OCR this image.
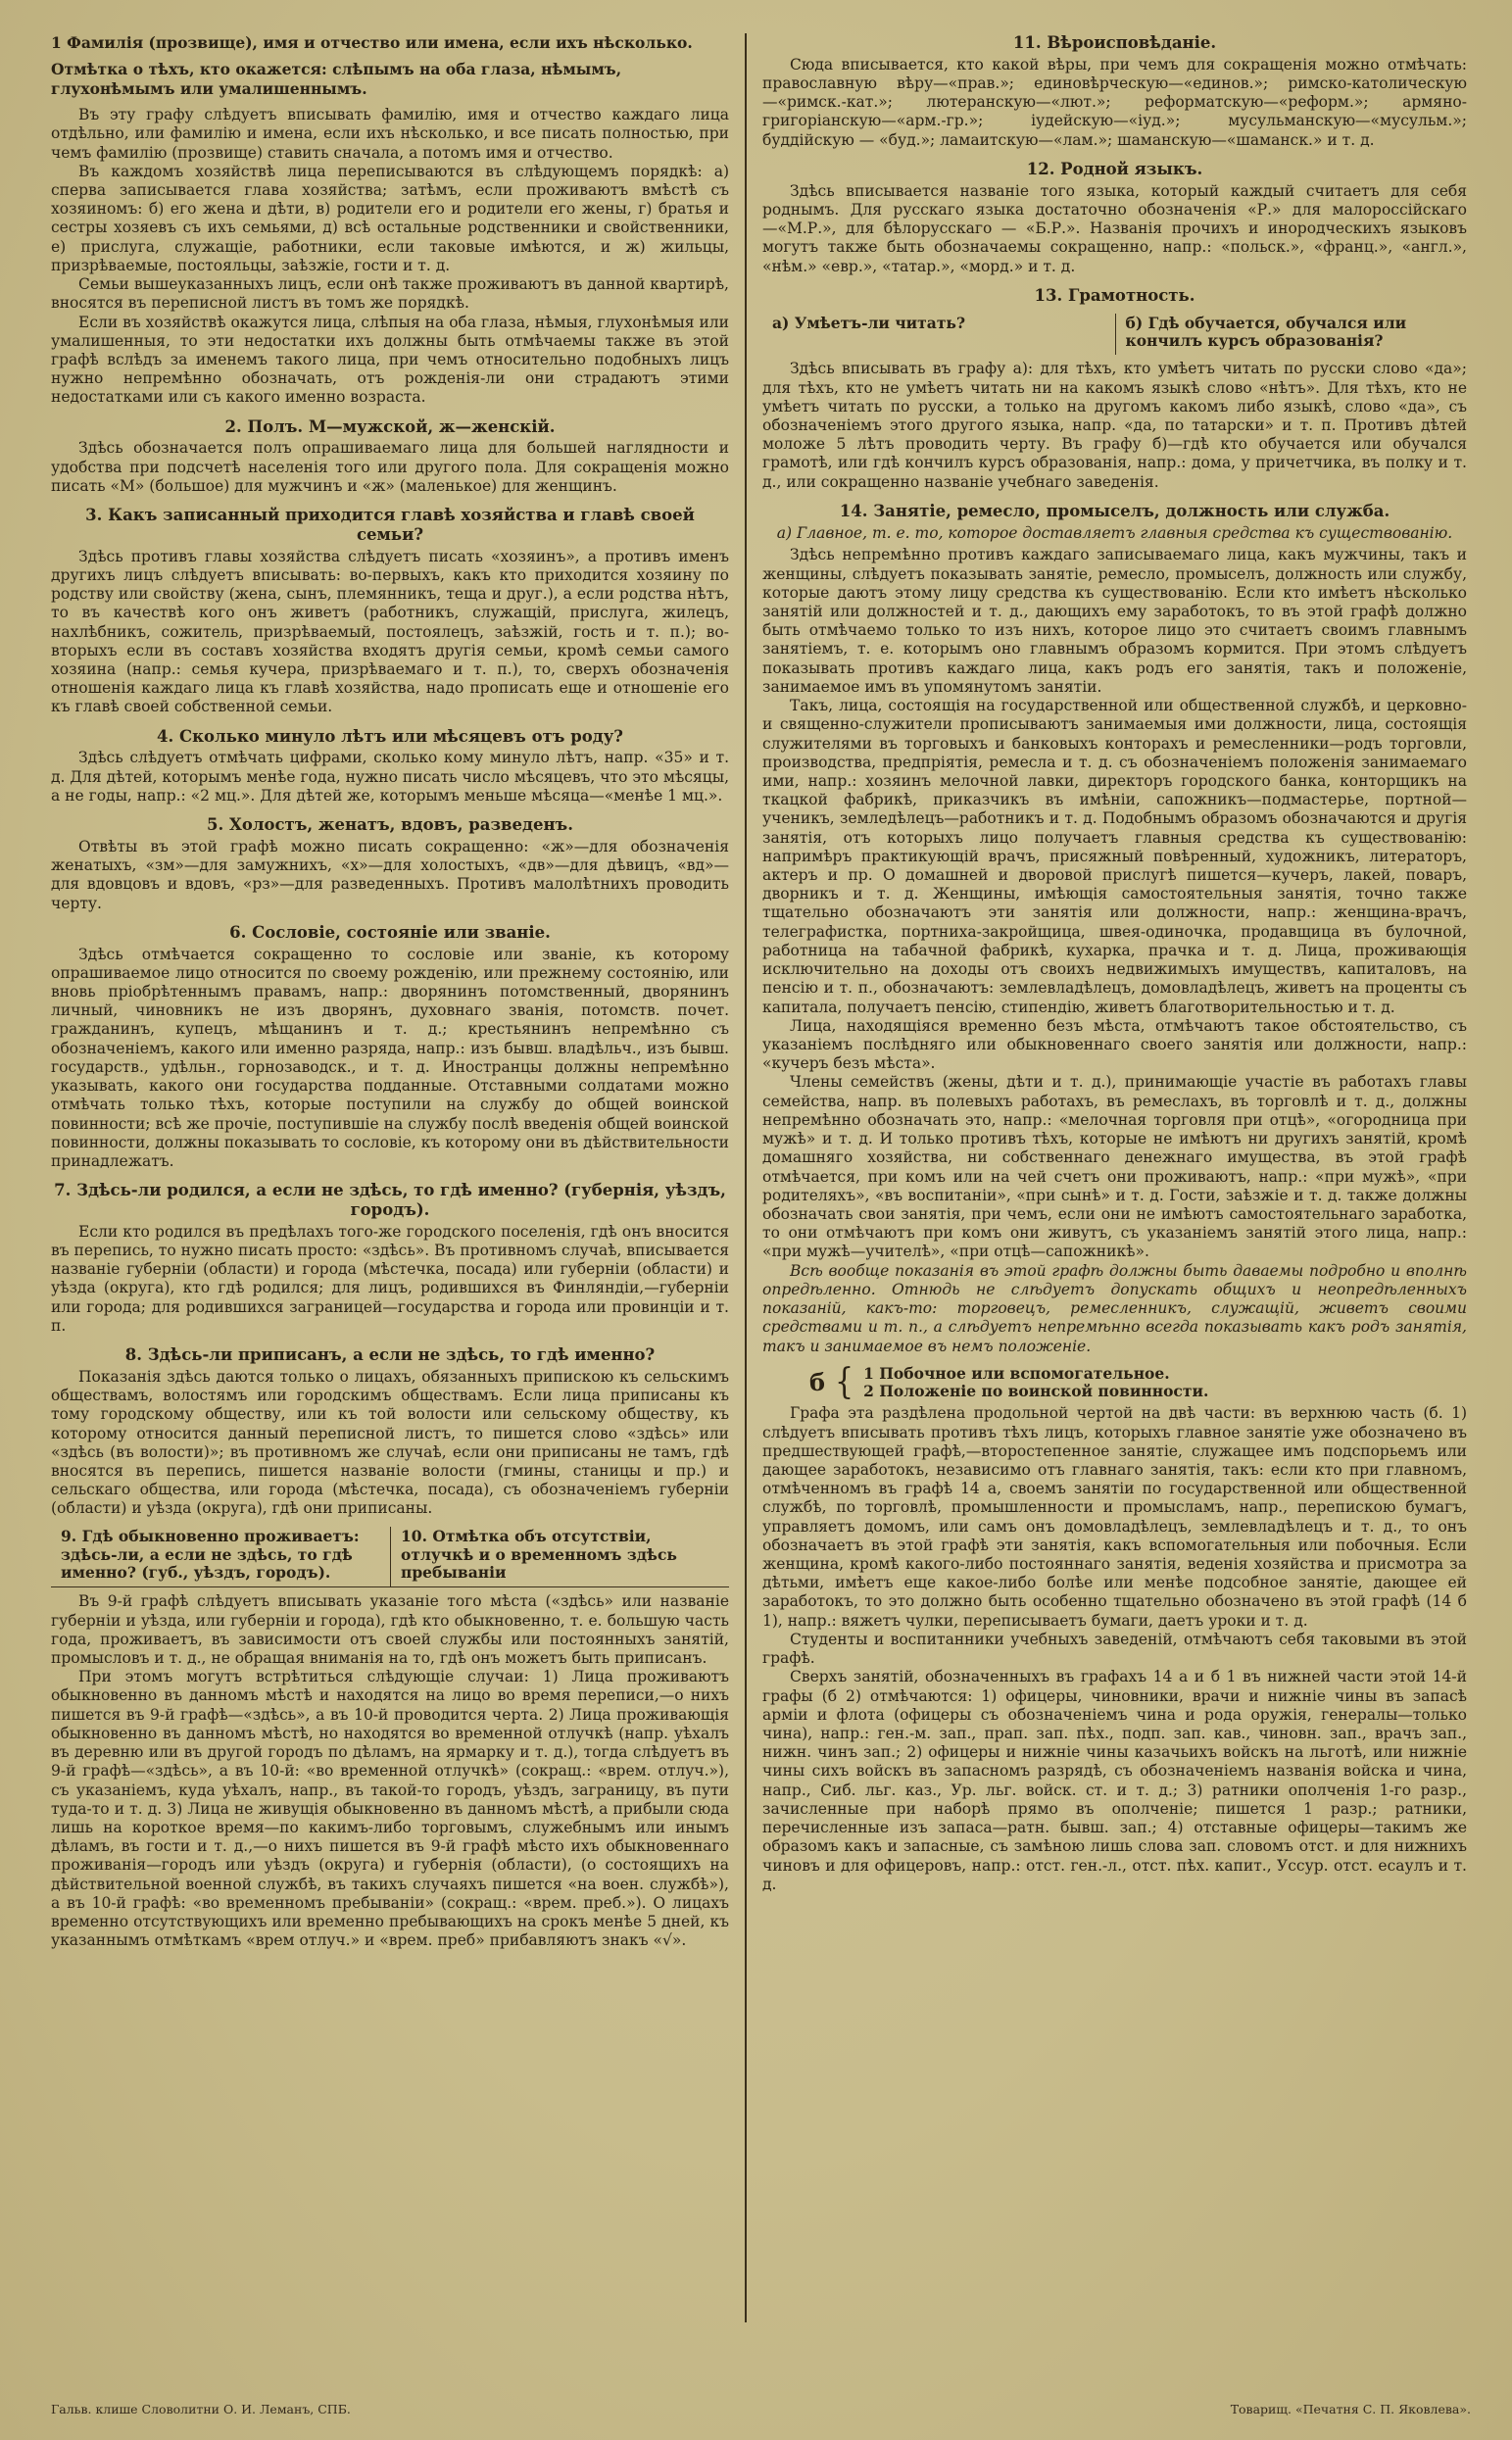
1 Фамилія (прозвище), имя и отчество или имена, если ихъ нѣсколько.
Отмѣтка о тѣхъ, кто окажется: слѣпымъ на оба глаза, нѣмымъ, глухонѣмымъ или умалишеннымъ.

Въ эту графу слѣдуетъ вписывать фамилію, имя и отчество каждаго лица отдѣльно, или фамилію и имена, если ихъ нѣсколько, и все писать полностью, при чемъ фамилію (прозвище) ставить сначала, а потомъ имя и отчество.

Въ каждомъ хозяйствѣ лица переписываются въ слѣдующемъ порядкѣ: а) сперва записывается глава хозяйства; затѣмъ, если проживаютъ вмѣстѣ съ хозяиномъ: б) его жена и дѣти, в) родители его и родители его жены, г) братья и сестры хозяевъ съ ихъ семьями, д) всѣ остальные родственники и свойственники, е) прислуга, служащіе, работники, если таковые имѣются, и ж) жильцы, призрѣваемые, постояльцы, заѣзжіе, гости и т. д.

Семьи вышеуказанныхъ лицъ, если онѣ также проживаютъ въ данной квартирѣ, вносятся въ переписной листъ въ томъ же порядкѣ.

Если въ хозяйствѣ окажутся лица, слѣпыя на оба глаза, нѣмыя, глухонѣмыя или умалишенныя, то эти недостатки ихъ должны быть отмѣчаемы также въ этой графѣ вслѣдъ за именемъ такого лица, при чемъ относительно подобныхъ лицъ нужно непремѣнно обозначать, отъ рожденія-ли они страдаютъ этими недостатками или съ какого именно возраста.

2. Полъ. М—мужской, ж—женскій.

Здѣсь обозначается полъ опрашиваемаго лица для большей наглядности и удобства при подсчетѣ населенія того или другого пола. Для сокращенія можно писать «М» (большое) для мужчинъ и «ж» (маленькое) для женщинъ.

3. Какъ записанный приходится главѣ хозяйства и главѣ своей семьи?

Здѣсь противъ главы хозяйства слѣдуетъ писать «хозяинъ», а противъ именъ другихъ лицъ слѣдуетъ вписывать: во-первыхъ, какъ кто приходится хозяину по родству или свойству (жена, сынъ, племянникъ, теща и друг.), а если родства нѣтъ, то въ качествѣ кого онъ живетъ (работникъ, служащій, прислуга, жилецъ, нахлѣбникъ, сожитель, призрѣваемый, постоялецъ, заѣзжій, гость и т. п.); во-вторыхъ если въ составъ хозяйства входятъ другія семьи, кромѣ семьи самого хозяина (напр.: семья кучера, призрѣваемаго и т. п.), то, сверхъ обозначенія отношенія каждаго лица къ главѣ хозяйства, надо прописать еще и отношеніе его къ главѣ своей собственной семьи.

4. Сколько минуло лѣтъ или мѣсяцевъ отъ роду?

Здѣсь слѣдуетъ отмѣчать цифрами, сколько кому минуло лѣтъ, напр. «35» и т. д. Для дѣтей, которымъ менѣе года, нужно писать число мѣсяцевъ, что это мѣсяцы, а не годы, напр.: «2 мц.». Для дѣтей же, которымъ меньше мѣсяца—«менѣе 1 мц.».

5. Холостъ, женатъ, вдовъ, разведенъ.

Отвѣты въ этой графѣ можно писать сокращенно: «ж»—для обозначенія женатыхъ, «зм»—для замужнихъ, «х»—для холостыхъ, «дв»—для дѣвицъ, «вд»—для вдовцовъ и вдовъ, «рз»—для разведенныхъ. Противъ малолѣтнихъ проводить черту.

6. Сословіе, состояніе или званіе.

Здѣсь отмѣчается сокращенно то сословіе или званіе, къ которому опрашиваемое лицо относится по своему рожденію, или прежнему состоянію, или вновь пріобрѣтеннымъ правамъ, напр.: дворянинъ потомственный, дворянинъ личный, чиновникъ не изъ дворянъ, духовнаго званія, потомств. почет. гражданинъ, купецъ, мѣщанинъ и т. д.; крестьянинъ непремѣнно съ обозначеніемъ, какого или именно разряда, напр.: изъ бывш. владѣльч., изъ бывш. государств., удѣльн., горнозаводск., и т. д. Иностранцы должны непремѣнно указывать, какого они государства подданные. Отставными солдатами можно отмѣчать только тѣхъ, которые поступили на службу до общей воинской повинности; всѣ же прочіе, поступившіе на службу послѣ введенія общей воинской повинности, должны показывать то сословіе, къ которому они въ дѣйствительности принадлежатъ.

7. Здѣсь-ли родился, а если не здѣсь, то гдѣ именно? (губернія, уѣздъ, городъ).

Если кто родился въ предѣлахъ того-же городского поселенія, гдѣ онъ вносится въ перепись, то нужно писать просто: «здѣсь». Въ противномъ случаѣ, вписывается названіе губерніи (области) и города (мѣстечка, посада) или губерніи (области) и уѣзда (округа), кто гдѣ родился; для лицъ, родившихся въ Финляндіи,—губерніи или города; для родившихся заграницей—государства и города или провинціи и т. п.

8. Здѣсь-ли приписанъ, а если не здѣсь, то гдѣ именно?

Показанія здѣсь даются только о лицахъ, обязанныхъ припискою къ сельскимъ обществамъ, волостямъ или городскимъ обществамъ. Если лица приписаны къ тому городскому обществу, или къ той волости или сельскому обществу, къ которому относится данный переписной листъ, то пишется слово «здѣсь» или «здѣсь (въ волости)»; въ противномъ же случаѣ, если они приписаны не тамъ, гдѣ вносятся въ перепись, пишется названіе волости (гмины, станицы и пр.) и сельскаго общества, или города (мѣстечка, посада), съ обозначеніемъ губерніи (области) и уѣзда (округа), гдѣ они приписаны.

9. Гдѣ обыкновенно проживаетъ: здѣсь-ли, а если не здѣсь, то гдѣ именно? (губ., уѣздъ, городъ).
10. Отмѣтка объ отсутствіи, отлучкѣ и о временномъ здѣсь пребываніи

Въ 9-й графѣ слѣдуетъ вписывать указаніе того мѣста («здѣсь» или названіе губерніи и уѣзда, или губерніи и города), гдѣ кто обыкновенно, т. е. большую часть года, проживаетъ, въ зависимости отъ своей службы или постоянныхъ занятій, промысловъ и т. д., не обращая вниманія на то, гдѣ онъ можетъ быть приписанъ.

При этомъ могутъ встрѣтиться слѣдующіе случаи: 1) Лица проживаютъ обыкновенно въ данномъ мѣстѣ и находятся на лицо во время переписи,—о нихъ пишется въ 9-й графѣ—«здѣсь», а въ 10-й проводится черта. 2) Лица проживающія обыкновенно въ данномъ мѣстѣ, но находятся во временной отлучкѣ (напр. уѣхалъ въ деревню или въ другой городъ по дѣламъ, на ярмарку и т. д.), тогда слѣдуетъ въ 9-й графѣ—«здѣсь», а въ 10-й: «во временной отлучкѣ» (сокращ.: «врем. отлуч.»), съ указаніемъ, куда уѣхалъ, напр., въ такой-то городъ, уѣздъ, заграницу, въ пути туда-то и т. д. 3) Лица не живущія обыкновенно въ данномъ мѣстѣ, а прибыли сюда лишь на короткое время—по какимъ-либо торговымъ, служебнымъ или инымъ дѣламъ, въ гости и т. д.,—о нихъ пишется въ 9-й графѣ мѣсто ихъ обыкновеннаго проживанія—городъ или уѣздъ (округа) и губернія (области), (о состоящихъ на дѣйствительной военной службѣ, въ такихъ случаяхъ пишется «на воен. службѣ»), а въ 10-й графѣ: «во временномъ пребываніи» (сокращ.: «врем. преб.»). О лицахъ временно отсутствующихъ или временно пребывающихъ на срокъ менѣе 5 дней, къ указаннымъ отмѣткамъ «врем отлуч.» и «врем. преб» прибавляютъ знакъ «√».

11. Вѣроисповѣданіе.

Сюда вписывается, кто какой вѣры, при чемъ для сокращенія можно отмѣчать: православную вѣру—«прав.»; единовѣрческую—«единов.»; римско-католическую—«римск.-кат.»; лютеранскую—«лют.»; реформатскую—«реформ.»; армяно-григоріанскую—«арм.-гр.»; іудейскую—«іуд.»; мусульманскую—«мусульм.»; буддійскую — «буд.»; ламаитскую—«лам.»; шаманскую—«шаманск.» и т. д.

12. Родной языкъ.

Здѣсь вписывается названіе того языка, который каждый считаетъ для себя роднымъ. Для русскаго языка достаточно обозначенія «Р.» для малороссійскаго—«М.Р.», для бѣлорусскаго — «Б.Р.». Названія прочихъ и инородческихъ языковъ могутъ также быть обозначаемы сокращенно, напр.: «польск.», «франц.», «англ.», «нѣм.» «евр.», «татар.», «морд.» и т. д.

13. Грамотность.
а) Умѣетъ-ли читать?	б) Гдѣ обучается, обучался или кончилъ курсъ образованія?

Здѣсь вписывать въ графу а): для тѣхъ, кто умѣетъ читать по русски слово «да»; для тѣхъ, кто не умѣетъ читать ни на какомъ языкѣ слово «нѣтъ». Для тѣхъ, кто не умѣетъ читать по русски, а только на другомъ какомъ либо языкѣ, слово «да», съ обозначеніемъ этого другого языка, напр. «да, по татарски» и т. п. Противъ дѣтей моложе 5 лѣтъ проводить черту. Въ графу б)—гдѣ кто обучается или обучался грамотѣ, или гдѣ кончилъ курсъ образованія, напр.: дома, у причетчика, въ полку и т. д., или сокращенно названіе учебнаго заведенія.

14. Занятіе, ремесло, промыселъ, должность или служба.
а) Главное, т. е. то, которое доставляетъ главныя средства къ существованію.

Здѣсь непремѣнно противъ каждаго записываемаго лица, какъ мужчины, такъ и женщины, слѣдуетъ показывать занятіе, ремесло, промыселъ, должность или службу, которые даютъ этому лицу средства къ существованію. Если кто имѣетъ нѣсколько занятій или должностей и т. д., дающихъ ему заработокъ, то въ этой графѣ должно быть отмѣчаемо только то изъ нихъ, которое лицо это считаетъ своимъ главнымъ занятіемъ, т. е. которымъ оно главнымъ образомъ кормится. При этомъ слѣдуетъ показывать противъ каждаго лица, какъ родъ его занятія, такъ и положеніе, занимаемое имъ въ упомянутомъ занятіи.

Такъ, лица, состоящія на государственной или общественной службѣ, и церковно- и священно-служители прописываютъ занимаемыя ими должности, лица, состоящія служителями въ торговыхъ и банковыхъ конторахъ и ремесленники—родъ торговли, производства, предпріятія, ремесла и т. д. съ обозначеніемъ положенія занимаемаго ими, напр.: хозяинъ мелочной лавки, директоръ городского банка, конторщикъ на ткацкой фабрикѣ, приказчикъ въ имѣніи, сапожникъ—подмастерье, портной—ученикъ, земледѣлецъ—работникъ и т. д. Подобнымъ образомъ обозначаются и другія занятія, отъ которыхъ лицо получаетъ главныя средства къ существованію: напримѣръ практикующій врачъ, присяжный повѣренный, художникъ, литераторъ, актеръ и пр. О домашней и дворовой прислугѣ пишется—кучеръ, лакей, поваръ, дворникъ и т. д. Женщины, имѣющія самостоятельныя занятія, точно также тщательно обозначаютъ эти занятія или должности, напр.: женщина-врачъ, телеграфистка, портниха-закройщица, швея-одиночка, продавщица въ булочной, работница на табачной фабрикѣ, кухарка, прачка и т. д. Лица, проживающія исключительно на доходы отъ своихъ недвижимыхъ имуществъ, капиталовъ, на пенсію и т. п., обозначаютъ: землевладѣлецъ, домовладѣлецъ, живетъ на проценты съ капитала, получаетъ пенсію, стипендію, живетъ благотворительностью и т. д.

Лица, находящіяся временно безъ мѣста, отмѣчаютъ такое обстоятельство, съ указаніемъ послѣдняго или обыкновеннаго своего занятія или должности, напр.: «кучеръ безъ мѣста».

Члены семействъ (жены, дѣти и т. д.), принимающіе участіе въ работахъ главы семейства, напр. въ полевыхъ работахъ, въ ремеслахъ, въ торговлѣ и т. д., должны непремѣнно обозначать это, напр.: «мелочная торговля при отцѣ», «огородница при мужѣ» и т. д. И только противъ тѣхъ, которые не имѣютъ ни другихъ занятій, кромѣ домашняго хозяйства, ни собственнаго денежнаго имущества, въ этой графѣ отмѣчается, при комъ или на чей счетъ они проживаютъ, напр.: «при мужѣ», «при родителяхъ», «въ воспитаніи», «при сынѣ» и т. д. Гости, заѣзжіе и т. д. также должны обозначать свои занятія, при чемъ, если они не имѣютъ самостоятельнаго заработка, то они отмѣчаютъ при комъ они живутъ, съ указаніемъ занятій этого лица, напр.: «при мужѣ—учителѣ», «при отцѣ—сапожникѣ».

Всѣ вообще показанія въ этой графѣ должны быть даваемы подробно и вполнѣ опредѣленно. Отнюдь не слѣдуетъ допускать общихъ и неопредѣленныхъ показаній, какъ-то: торговецъ, ремесленникъ, служащій, живетъ своими средствами и т. п., а слѣдуетъ непремѣнно всегда показывать какъ родъ занятія, такъ и занимаемое въ немъ положеніе.

б { 1 Побочное или вспомогательное.
2 Положеніе по воинской повинности.

Графа эта раздѣлена продольной чертой на двѣ части: въ верхнюю часть (б. 1) слѣдуетъ вписывать противъ тѣхъ лицъ, которыхъ главное занятіе уже обозначено въ предшествующей графѣ,—второстепенное занятіе, служащее имъ подспорьемъ или дающее заработокъ, независимо отъ главнаго занятія, такъ: если кто при главномъ, отмѣченномъ въ графѣ 14 а, своемъ занятіи по государственной или общественной службѣ, по торговлѣ, промышленности и промысламъ, напр., перепискою бумагъ, управляетъ домомъ, или самъ онъ домовладѣлецъ, землевладѣлецъ и т. д., то онъ обозначаетъ въ этой графѣ эти занятія, какъ вспомогательныя или побочныя. Если женщина, кромѣ какого-либо постояннаго занятія, веденія хозяйства и присмотра за дѣтьми, имѣетъ еще какое-либо болѣе или менѣе подсобное занятіе, дающее ей заработокъ, то это должно быть особенно тщательно обозначено въ этой графѣ (14 б 1), напр.: вяжетъ чулки, переписываетъ бумаги, даетъ уроки и т. д.

Студенты и воспитанники учебныхъ заведеній, отмѣчаютъ себя таковыми въ этой графѣ.

Сверхъ занятій, обозначенныхъ въ графахъ 14 а и б 1 въ нижней части этой 14-й графы (б 2) отмѣчаются: 1) офицеры, чиновники, врачи и нижніе чины въ запасѣ арміи и флота (офицеры съ обозначеніемъ чина и рода оружія, генералы—только чина), напр.: ген.-м. зап., прап. зап. пѣх., подп. зап. кав., чиновн. зап., врачъ зап., нижн. чинъ зап.; 2) офицеры и нижніе чины казачьихъ войскъ на льготѣ, или нижніе чины сихъ войскъ въ запасномъ разрядѣ, съ обозначеніемъ названія войска и чина, напр., Сиб. льг. каз., Ур. льг. войск. ст. и т. д.; 3) ратники ополченія 1-го разр., зачисленные при наборѣ прямо въ ополченіе; пишется 1 разр.; ратники, перечисленные изъ запаса—ратн. бывш. зап.; 4) отставные офицеры—такимъ же образомъ какъ и запасные, съ замѣною лишь слова зап. словомъ отст. и для нижнихъ чиновъ и для офицеровъ, напр.: отст. ген.-л., отст. пѣх. капит., Уссур. отст. есаулъ и т. д.

Гальв. клише Словолитни О. И. Леманъ, СПБ.	Товарищ. «Печатня С. П. Яковлева».
